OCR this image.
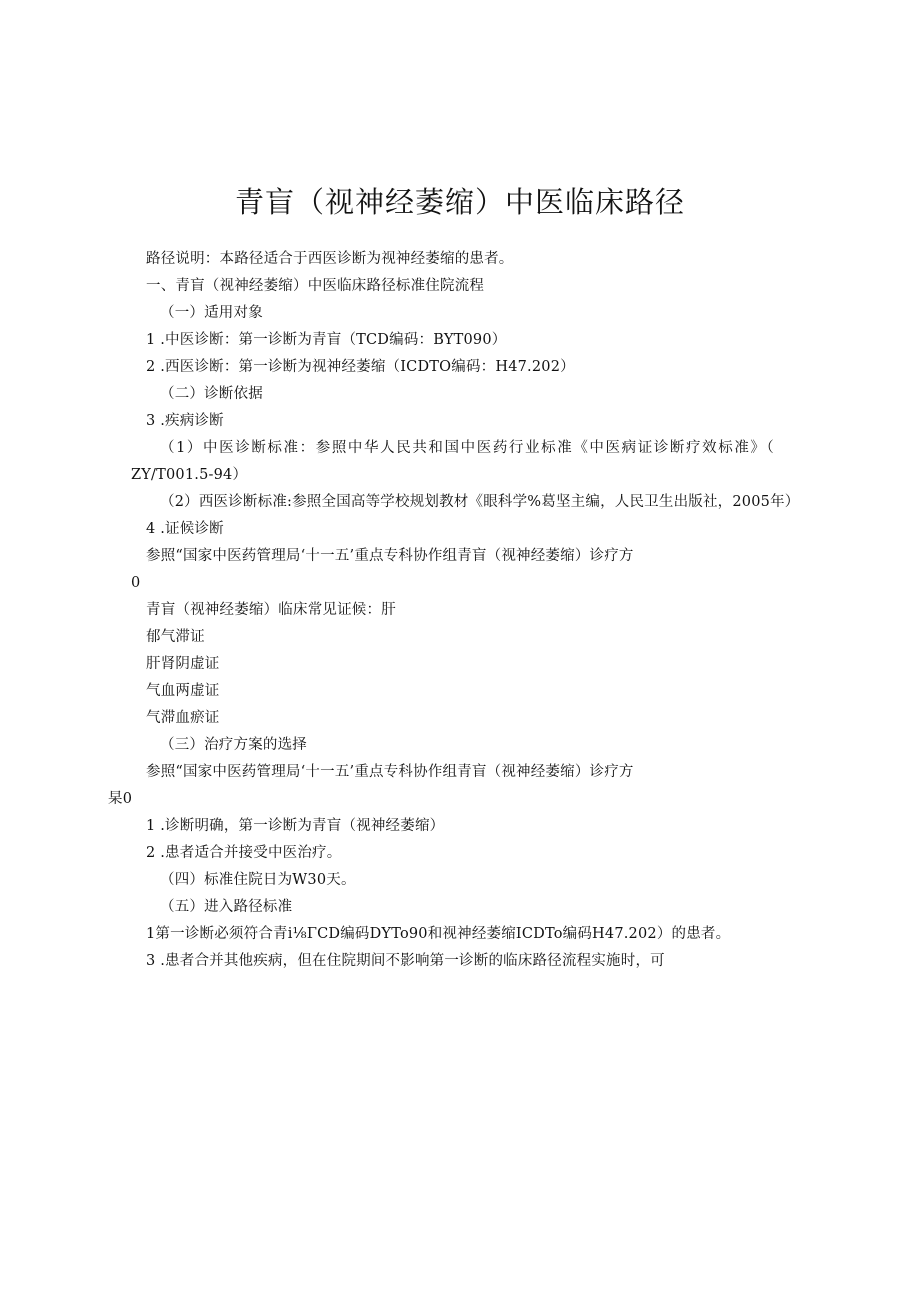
青盲（视神经萎缩）中医临床路径
路径说明：本路径适合于西医诊断为视神经萎缩的患者。
一、青盲（视神经萎缩）中医临床路径标准住院流程
（一）适用对象
1 .中医诊断：第一诊断为青盲（TCD编码：BYT090）
2 .西医诊断：第一诊断为视神经萎缩（ICDTO编码：H47.202）
（二）诊断依据
3 .疾病诊断
（1）中医诊断标准：参照中华人民共和国中医药行业标准《中医病证诊断疗效标准》（
ZY/T001.5-94）
（2）西医诊断标准:参照全国高等学校规划教材《眼科学%葛坚主编，人民卫生出版社，2005年）
4 .证候诊断
参照“国家中医药管理局‘十一五’重点专科协作组青盲（视神经萎缩）诊疗方
0
青盲（视神经萎缩）临床常见证候：肝
郁气滞证
肝肾阴虚证
气血两虚证
气滞血瘀证
（三）治疗方案的选择
参照“国家中医药管理局‘十一五’重点专科协作组青盲（视神经萎缩）诊疗方
杲0
1 .诊断明确，第一诊断为青盲（视神经萎缩）
2 .患者适合并接受中医治疗。
（四）标准住院日为W30天。
（五）进入路径标准
1第一诊断必须符合青i⅛ΓCD编码DYTo90和视神经萎缩ICDTo编码H47.202）的患者。
3 .患者合并其他疾病，但在住院期间不影响第一诊断的临床路径流程实施时，可
